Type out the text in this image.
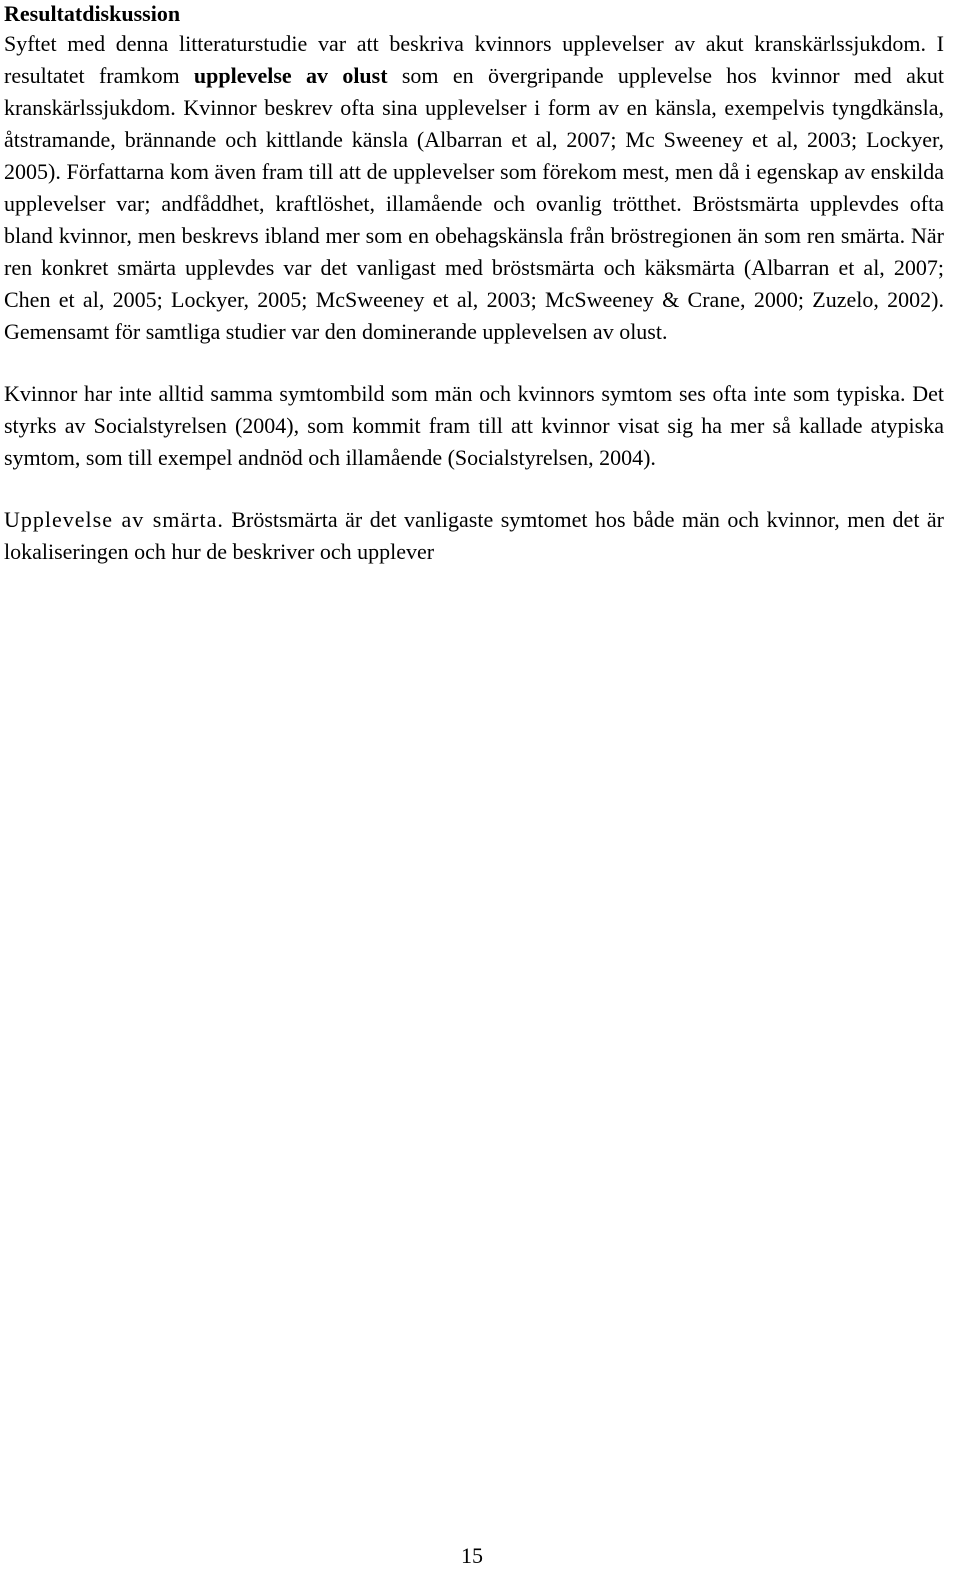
Resultatdiskussion

Syftet med denna litteraturstudie var att beskriva kvinnors upplevelser av akut kranskärlssjukdom. I resultatet framkom upplevelse av olust som en övergripande upplevelse hos kvinnor med akut kranskärlssjukdom. Kvinnor beskrev ofta sina upplevelser i form av en känsla, exempelvis tyngdkänsla, åtstramande, brännande och kittlande känsla (Albarran et al, 2007; Mc Sweeney et al, 2003; Lockyer, 2005). Författarna kom även fram till att de upplevelser som förekom mest, men då i egenskap av enskilda upplevelser var; andfåddhet, kraftlöshet, illamående och ovanlig trötthet. Bröstsmärta upplevdes ofta bland kvinnor, men beskrevs ibland mer som en obehagskänsla från bröstregionen än som ren smärta. När ren konkret smärta upplevdes var det vanligast med bröstsmärta och käksmärta (Albarran et al, 2007; Chen et al, 2005; Lockyer, 2005; McSweeney et al, 2003; McSweeney & Crane, 2000; Zuzelo, 2002). Gemensamt för samtliga studier var den dominerande upplevelsen av olust.

Kvinnor har inte alltid samma symtombild som män och kvinnors symtom ses ofta inte som typiska. Det styrks av Socialstyrelsen (2004), som kommit fram till att kvinnor visat sig ha mer så kallade atypiska symtom, som till exempel andnöd och illamående (Socialstyrelsen, 2004).

Upplevelse av smärta. Bröstsmärta är det vanligaste symtomet hos både män och kvinnor, men det är lokaliseringen och hur de beskriver och upplever

15
